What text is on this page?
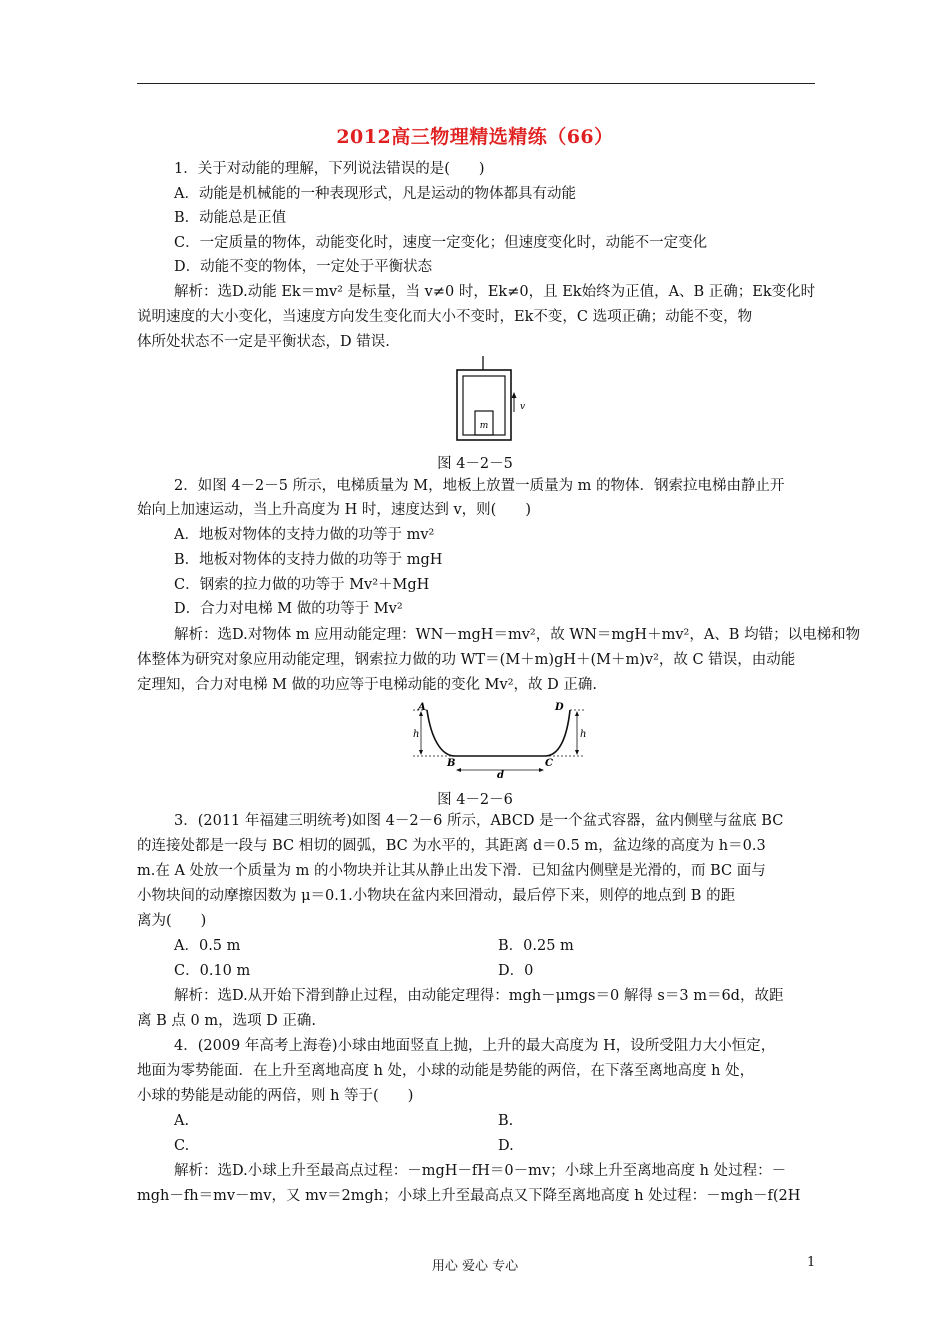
2012高三物理精选精练（66）
1．关于对动能的理解，下列说法错误的是(　　)
A．动能是机械能的一种表现形式，凡是运动的物体都具有动能
B．动能总是正值
C．一定质量的物体，动能变化时，速度一定变化；但速度变化时，动能不一定变化
D．动能不变的物体，一定处于平衡状态
解析：选D.动能 Ek＝mv² 是标量，当 v≠0 时，Ek≠0，且 Ek始终为正值，A、B 正确；Ek变化时
说明速度的大小变化，当速度方向发生变化而大小不变时，Ek不变，C 选项正确；动能不变，物
体所处状态不一定是平衡状态，D 错误.
2．如图 4－2－5 所示，电梯质量为 M，地板上放置一质量为 m 的物体．钢索拉电梯由静止开
始向上加速运动，当上升高度为 H 时，速度达到 v，则(　　)
A．地板对物体的支持力做的功等于 mv²
B．地板对物体的支持力做的功等于 mgH
C．钢索的拉力做的功等于 Mv²＋MgH
D．合力对电梯 M 做的功等于 Mv²
解析：选D.对物体 m 应用动能定理：WN－mgH＝mv²，故 WN＝mgH＋mv²，A、B 均错；以电梯和物
体整体为研究对象应用动能定理，钢索拉力做的功 WT＝(M＋m)gH＋(M＋m)v²，故 C 错误，由动能
定理知，合力对电梯 M 做的功应等于电梯动能的变化 Mv²，故 D 正确.
3．(2011 年福建三明统考)如图 4－2－6 所示，ABCD 是一个盆式容器，盆内侧壁与盆底 BC
的连接处都是一段与 BC 相切的圆弧，BC 为水平的，其距离 d＝0.5 m，盆边缘的高度为 h＝0.3
m.在 A 处放一个质量为 m 的小物块并让其从静止出发下滑．已知盆内侧壁是光滑的，而 BC 面与
小物块间的动摩擦因数为 μ＝0.1.小物块在盆内来回滑动，最后停下来，则停的地点到 B 的距
离为(　　)
A．0.5 m	B．0.25 m
C．0.10 m	D．0
解析：选D.从开始下滑到静止过程，由动能定理得：mgh－μmgs＝0 解得 s＝3 m＝6d，故距
离 B 点 0 m，选项 D 正确.
4．(2009 年高考上海卷)小球由地面竖直上抛，上升的最大高度为 H，设所受阻力大小恒定，
地面为零势能面．在上升至离地高度 h 处，小球的动能是势能的两倍，在下落至离地高度 h 处，
小球的势能是动能的两倍，则 h 等于(　　)
A.	B.
C.	D.
解析：选D.小球上升至最高点过程：－mgH－fH＝0－mv；小球上升至离地高度 h 处过程：－
mgh－fh＝mv－mv，又 mv＝2mgh；小球上升至最高点又下降至离地高度 h 处过程：－mgh－f(2H
m
v
图 4－2－5
A	D
B	C
h	h
d
图 4－2－6
用心 爱心 专心	1
